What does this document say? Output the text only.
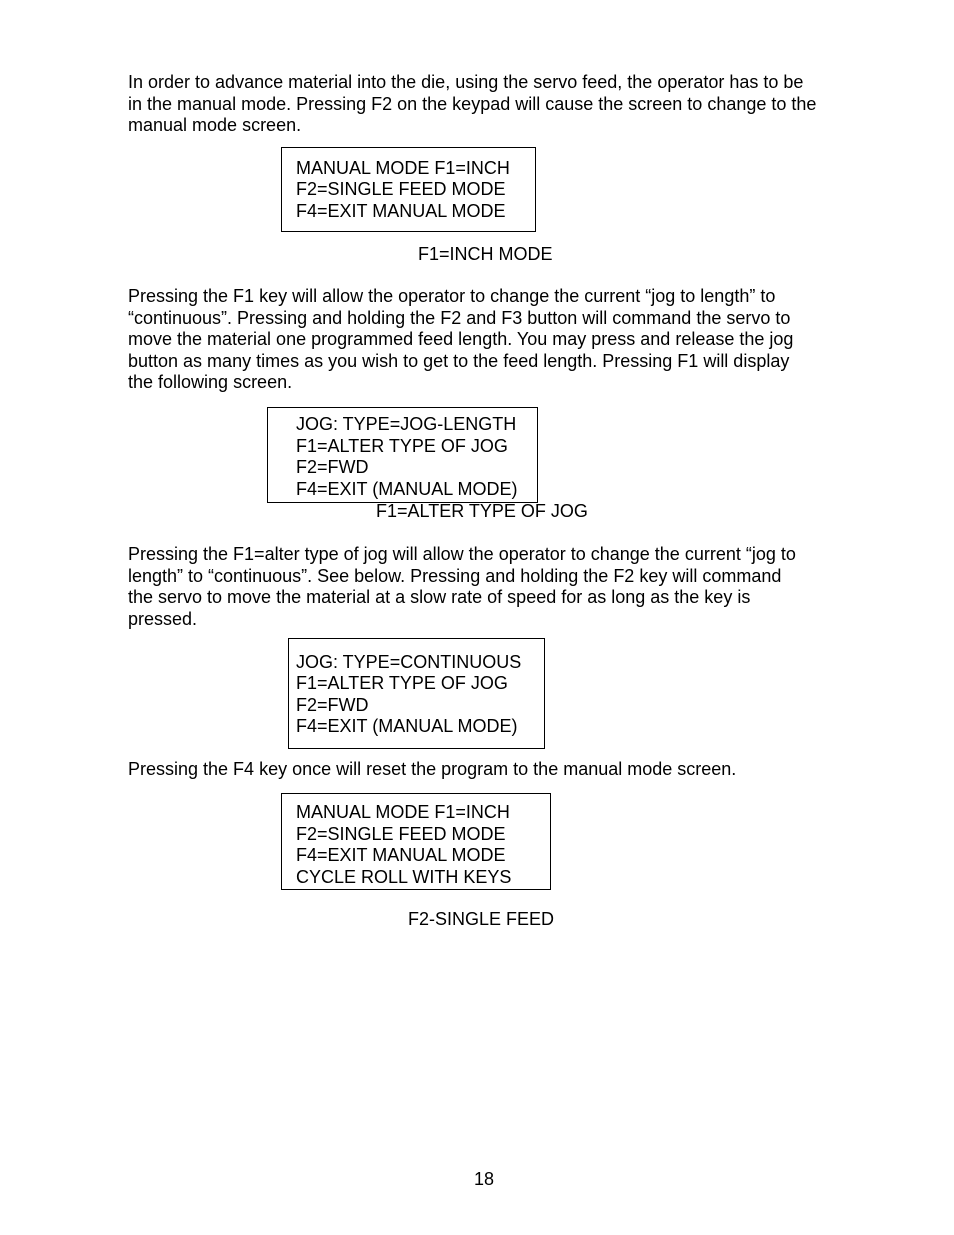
In order to advance material into the die, using the servo feed, the operator has to be
in the manual mode. Pressing F2 on the keypad will cause the screen to change to the
manual mode screen.

MANUAL MODE F1=INCH
F2=SINGLE FEED MODE
F4=EXIT MANUAL MODE
F1=INCH MODE

Pressing the F1 key will allow the operator to change the current “jog to length” to
“continuous”. Pressing and holding the F2 and F3 button will command the servo to
move the material one programmed feed length. You may press and release the jog
button as many times as you wish to get to the feed length. Pressing F1 will display
the following screen.

JOG: TYPE=JOG-LENGTH
F1=ALTER TYPE OF JOG
F2=FWD
F4=EXIT (MANUAL MODE)
F1=ALTER TYPE OF JOG

Pressing the F1=alter type of jog will allow the operator to change the current “jog to
length” to “continuous”. See below. Pressing and holding the F2 key will command
the servo to move the material at a slow rate of speed for as long as the key is
pressed.

JOG: TYPE=CONTINUOUS
F1=ALTER TYPE OF JOG
F2=FWD
F4=EXIT (MANUAL MODE)

Pressing the F4 key once will reset the program to the manual mode screen.

MANUAL MODE F1=INCH
F2=SINGLE FEED MODE
F4=EXIT MANUAL MODE
CYCLE ROLL WITH KEYS
F2-SINGLE FEED
18
